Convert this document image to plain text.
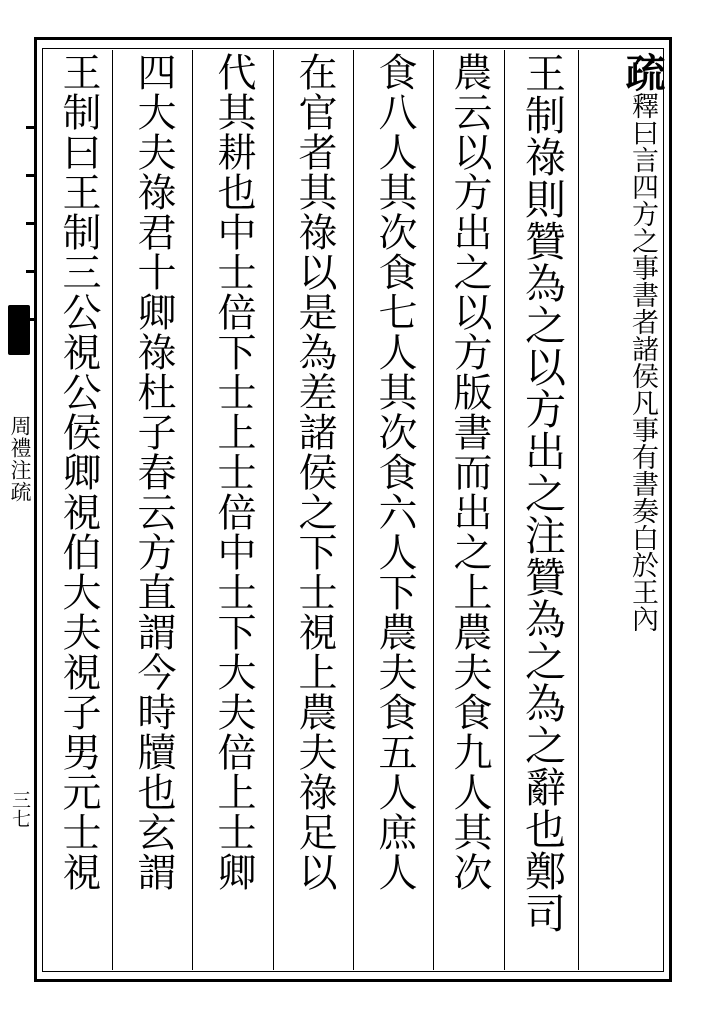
周禮注疏
三七
疏
釋曰言四方之事書者諸侯凡事有書奏白於王內
王制祿則贊為之以方出之注贊為之為之辭也鄭司
農云以方出之以方版書而出之上農夫食九人其次
食八人其次食七人其次食六人下農夫食五人庶人
在官者其祿以是為差諸侯之下士視上農夫祿足以
代其耕也中士倍下士上士倍中士下大夫倍上士卿
四大夫祿君十卿祿杜子春云方直謂今時牘也玄謂
王制曰王制三公視公侯卿視伯大夫視子男元士視
